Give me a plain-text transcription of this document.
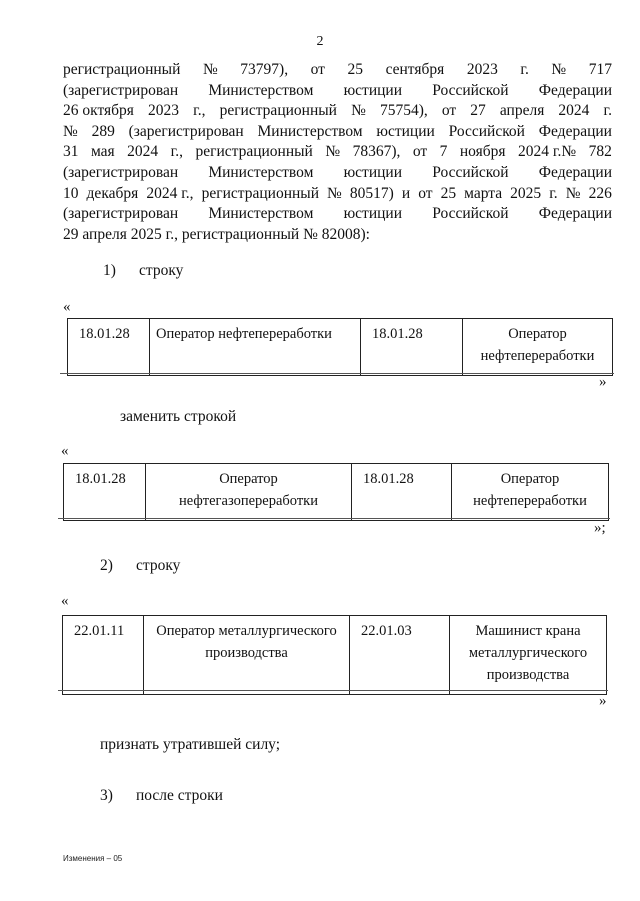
2
регистрационный № 73797), от 25 сентября 2023 г. № 717
(зарегистрирован Министерством юстиции Российской Федерации
26 октября 2023 г., регистрационный № 75754), от 27 апреля 2024 г.
№ 289 (зарегистрирован Министерством юстиции Российской Федерации
31 мая 2024 г., регистрационный № 78367), от 7 ноября 2024 г.№ 782
(зарегистрирован Министерством юстиции Российской Федерации
10 декабря 2024 г., регистрационный № 80517) и от 25 марта 2025 г. № 226
(зарегистрирован Министерством юстиции Российской Федерации
29 апреля 2025 г., регистрационный № 82008):
1) строку
«
18.01.28	Оператор нефтепереработки	18.01.28	Оператор нефтепереработки
»
заменить строкой
«
18.01.28	Оператор нефтегазопереработки	18.01.28	Оператор нефтепереработки
»;
2) строку
«
22.01.11	Оператор металлургического производства	22.01.03	Машинист крана металлургического производства
»
признать утратившей силу;
3) после строки
Изменения – 05
